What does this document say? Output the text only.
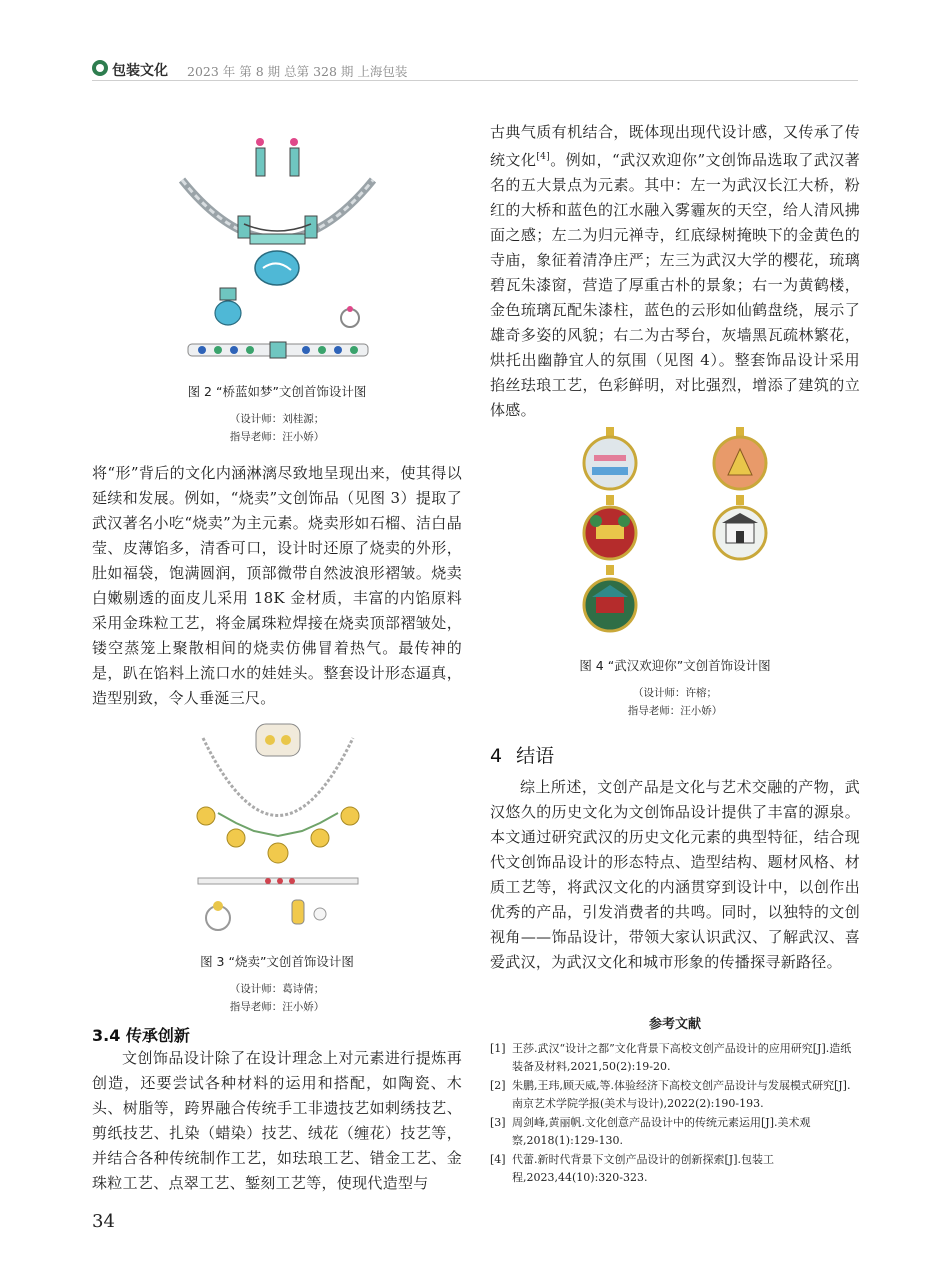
包装文化 2023 年 第 8 期 总第 328 期 上海包装
图 2 “桥蓝如梦”文创首饰设计图
（设计师：刘桂源；
指导老师：汪小娇）

将“形”背后的文化内涵淋漓尽致地呈现出来，使其得以延续和发展。例如，“烧卖”文创饰品（见图 3）提取了武汉著名小吃“烧卖”为主元素。烧卖形如石榴、洁白晶莹、皮薄馅多，清香可口，设计时还原了烧卖的外形，肚如福袋，饱满圆润，顶部微带自然波浪形褶皱。烧卖白嫩剔透的面皮儿采用 18K 金材质，丰富的内馅原料采用金珠粒工艺，将金属珠粒焊接在烧卖顶部褶皱处，镂空蒸笼上聚散相间的烧卖仿佛冒着热气。最传神的是，趴在馅料上流口水的娃娃头。整套设计形态逼真，造型别致，令人垂涎三尺。

图 3 “烧卖”文创首饰设计图
（设计师：葛诗倩；
指导老师：汪小娇）
3.4 传承创新

文创饰品设计除了在设计理念上对元素进行提炼再创造，还要尝试各种材料的运用和搭配，如陶瓷、木头、树脂等，跨界融合传统手工非遗技艺如剌绣技艺、剪纸技艺、扎染（蜡染）技艺、绒花（缠花）技艺等，并结合各种传统制作工艺，如珐琅工艺、错金工艺、金珠粒工艺、点翠工艺、錾刻工艺等，使现代造型与

古典气质有机结合，既体现出现代设计感，又传承了传统文化[4]。例如，“武汉欢迎你”文创饰品选取了武汉著名的五大景点为元素。其中：左一为武汉长江大桥，粉红的大桥和蓝色的江水融入雾霾灰的天空，给人清风拂面之感；左二为归元禅寺，红底绿树掩映下的金黄色的寺庙，象征着清净庄严；左三为武汉大学的樱花，琉璃碧瓦朱漆窗，营造了厚重古朴的景象；右一为黄鹤楼，金色琉璃瓦配朱漆柱，蓝色的云形如仙鹤盘绕，展示了雄奇多姿的风貌；右二为古琴台，灰墙黑瓦疏林繁花，烘托出幽静宜人的氛围（见图 4）。整套饰品设计采用掐丝珐琅工艺，色彩鲜明，对比强烈，增添了建筑的立体感。

图 4 “武汉欢迎你”文创首饰设计图
（设计师：许榕；
指导老师：汪小娇）
4 结语

综上所述，文创产品是文化与艺术交融的产物，武汉悠久的历史文化为文创饰品设计提供了丰富的源泉。本文通过研究武汉的历史文化元素的典型特征，结合现代文创饰品设计的形态特点、造型结构、题材风格、材质工艺等，将武汉文化的内涵贯穿到设计中，以创作出优秀的产品，引发消费者的共鸣。同时，以独特的文创视角——饰品设计，带领大家认识武汉、了解武汉、喜爱武汉，为武汉文化和城市形象的传播探寻新路径。

参考文献
[1] 王莎.武汉“设计之都”文化背景下高校文创产品设计的应用研究[J].造纸装备及材料,2021,50(2):19-20.
[2] 朱鹏,王玮,顾天威,等.体验经济下高校文创产品设计与发展模式研究[J].南京艺术学院学报(美术与设计),2022(2):190-193.
[3] 周剑峰,黄丽帆.文化创意产品设计中的传统元素运用[J].美术观察,2018(1):129-130.
[4] 代蕾.新时代背景下文创产品设计的创新探索[J].包装工程,2023,44(10):320-323.
34
